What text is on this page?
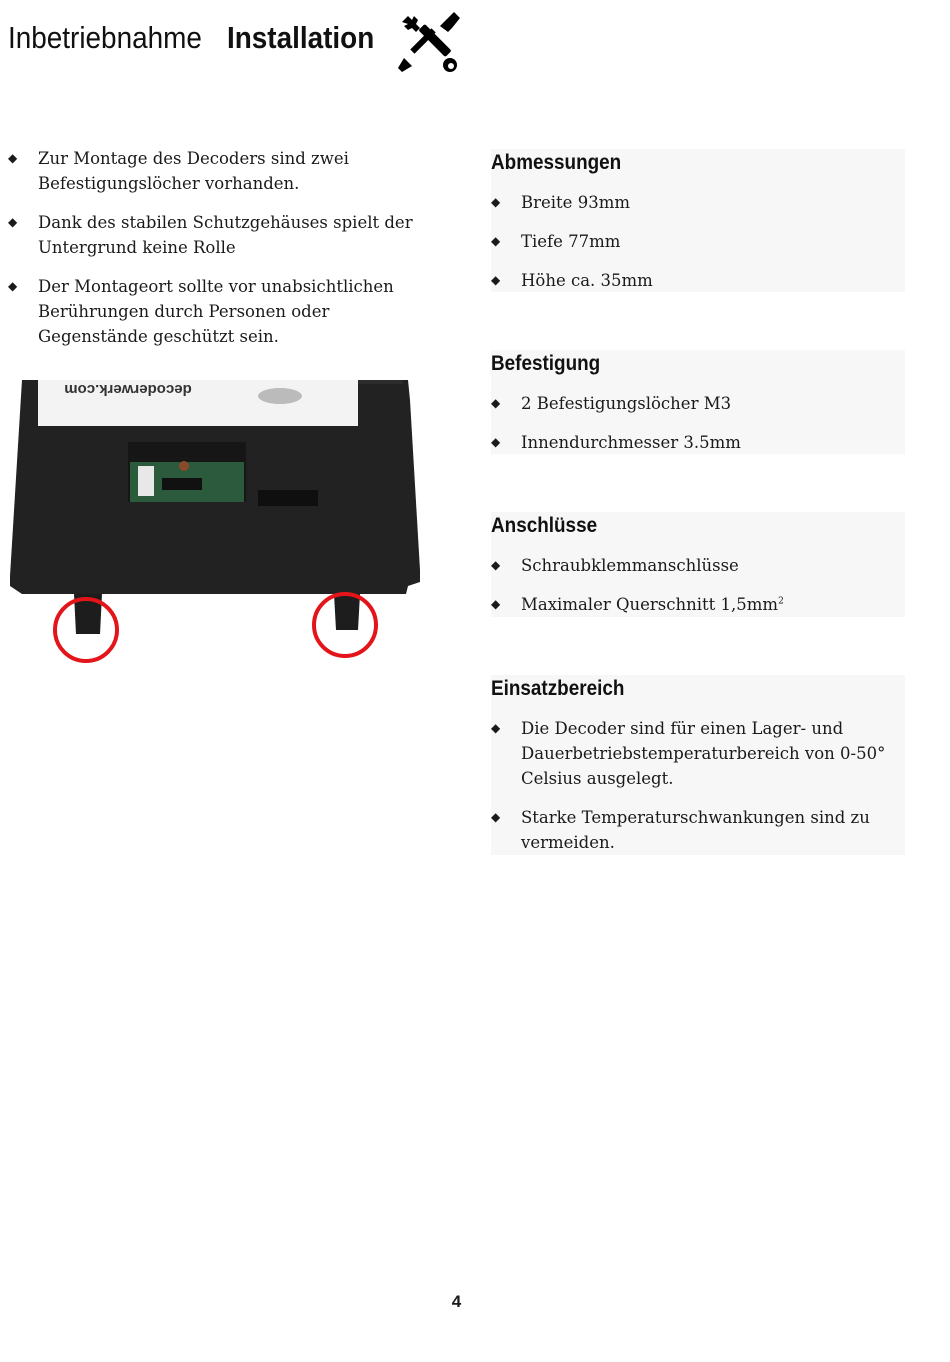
Inbetriebnahme Installation
◆ Zur Montage des Decoders sind zwei Befestigungslöcher vorhanden.
◆ Dank des stabilen Schutzgehäuses spielt der Untergrund keine Rolle
◆ Der Montageort sollte vor unabsichtlichen Berührungen durch Personen oder Gegenstände geschützt sein.
decoderwerk.com
Abmessungen
◆ Breite 93mm
◆ Tiefe 77mm
◆ Höhe ca. 35mm
Befestigung
◆ 2 Befestigungslöcher M3
◆ Innendurchmesser 3.5mm
Anschlüsse
◆ Schraubklemmanschlüsse
◆ Maximaler Querschnitt $1,5mm^2$
Einsatzbereich
◆ Die Decoder sind für einen Lager- und Dauerbetriebstemperaturbereich von 0-50° Celsius ausgelegt.
◆ Starke Temperaturschwankungen sind zu vermeiden.
4
